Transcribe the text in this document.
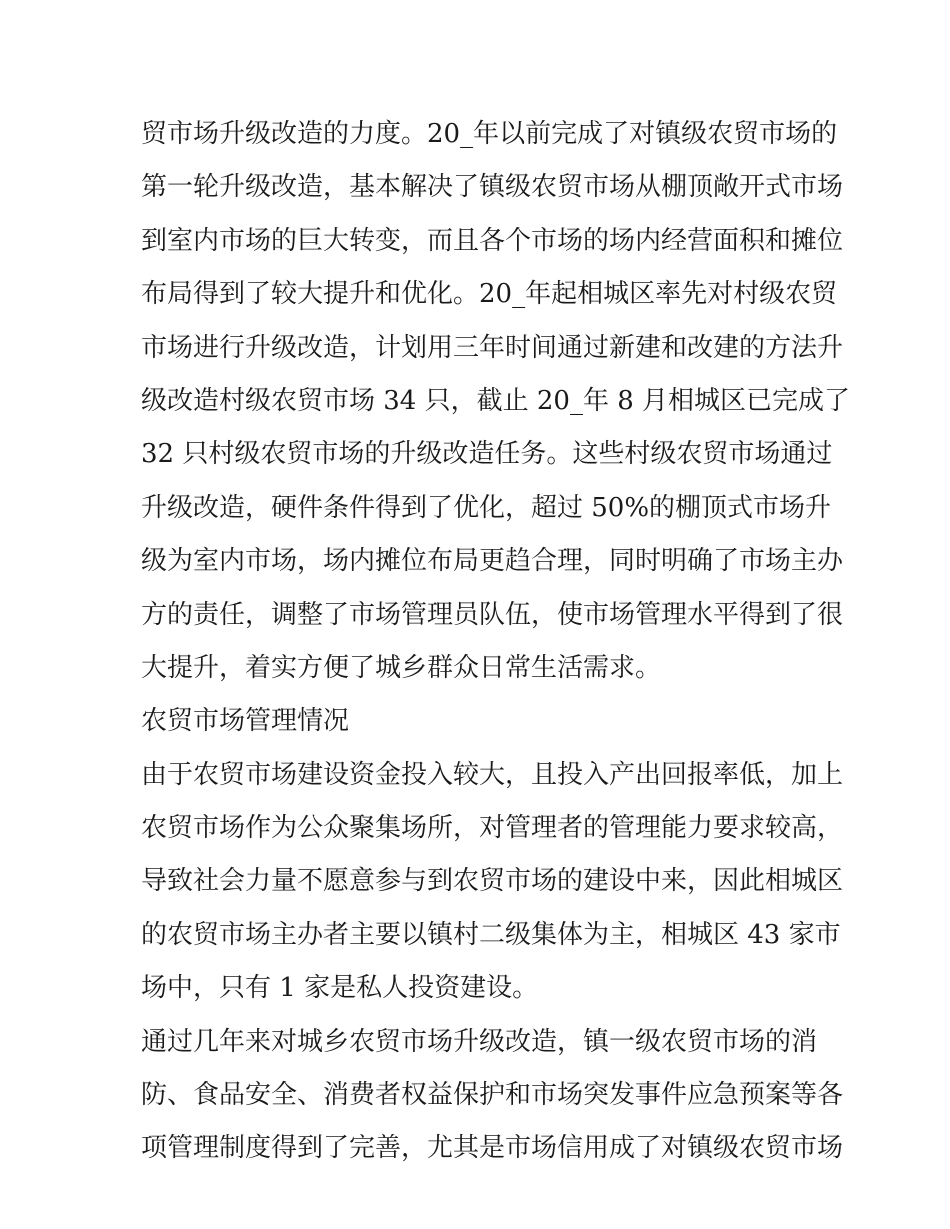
贸市场升级改造的力度。20_年以前完成了对镇级农贸市场的
第一轮升级改造，基本解决了镇级农贸市场从棚顶敞开式市场
到室内市场的巨大转变，而且各个市场的场内经营面积和摊位
布局得到了较大提升和优化。20_年起相城区率先对村级农贸
市场进行升级改造，计划用三年时间通过新建和改建的方法升
级改造村级农贸市场 34 只，截止 20_年 8 月相城区已完成了
32 只村级农贸市场的升级改造任务。这些村级农贸市场通过
升级改造，硬件条件得到了优化，超过 50%的棚顶式市场升
级为室内市场，场内摊位布局更趋合理，同时明确了市场主办
方的责任，调整了市场管理员队伍，使市场管理水平得到了很
大提升，着实方便了城乡群众日常生活需求。
农贸市场管理情况
由于农贸市场建设资金投入较大，且投入产出回报率低，加上
农贸市场作为公众聚集场所，对管理者的管理能力要求较高，
导致社会力量不愿意参与到农贸市场的建设中来，因此相城区
的农贸市场主办者主要以镇村二级集体为主，相城区 43 家市
场中，只有 1 家是私人投资建设。
通过几年来对城乡农贸市场升级改造，镇一级农贸市场的消
防、食品安全、消费者权益保护和市场突发事件应急预案等各
项管理制度得到了完善，尤其是市场信用成了对镇级农贸市场
